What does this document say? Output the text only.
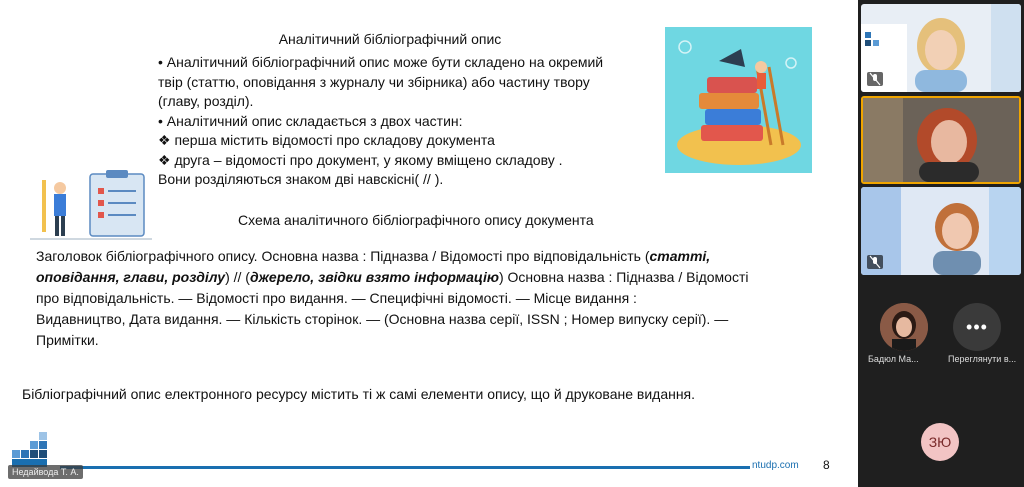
Аналітичний бібліографічний опис

• Аналітичний бібліографічний опис може бути складено на окремий

твір (статтю, оповідання з журналу чи збірника) або частину твору

(главу, розділ).

• Аналітичний опис складається з двох частин:

❖ перша містить відомості про складову документа

❖ друга – відомості про документ, у якому вміщено складову .

Вони розділяються знаком дві навскісні( // ).

Схема аналітичного бібліографічного опису документа

Заголовок бібліографічного опису. Основна назва : Підназва / Відомості про відповідальність (статті,

оповідання, глави, розділу) // (джерело, звідки взято інформацію) Основна назва : Підназва / Відомості

про відповідальність. — Відомості про видання. — Специфічні відомості. — Місце видання :

Видавництво, Дата видання. — Кількість сторінок. — (Основна назва серії, ISSN ; Номер випуску серії). —

Примітки.

Бібліографічний опис електронного ресурсу містить ті ж самі елементи опису, що й друковане видання.
ntudp.com 8
Недайвода Т. А.
•••
Бадюл Ма...	Переглянути в...
ЗЮ
